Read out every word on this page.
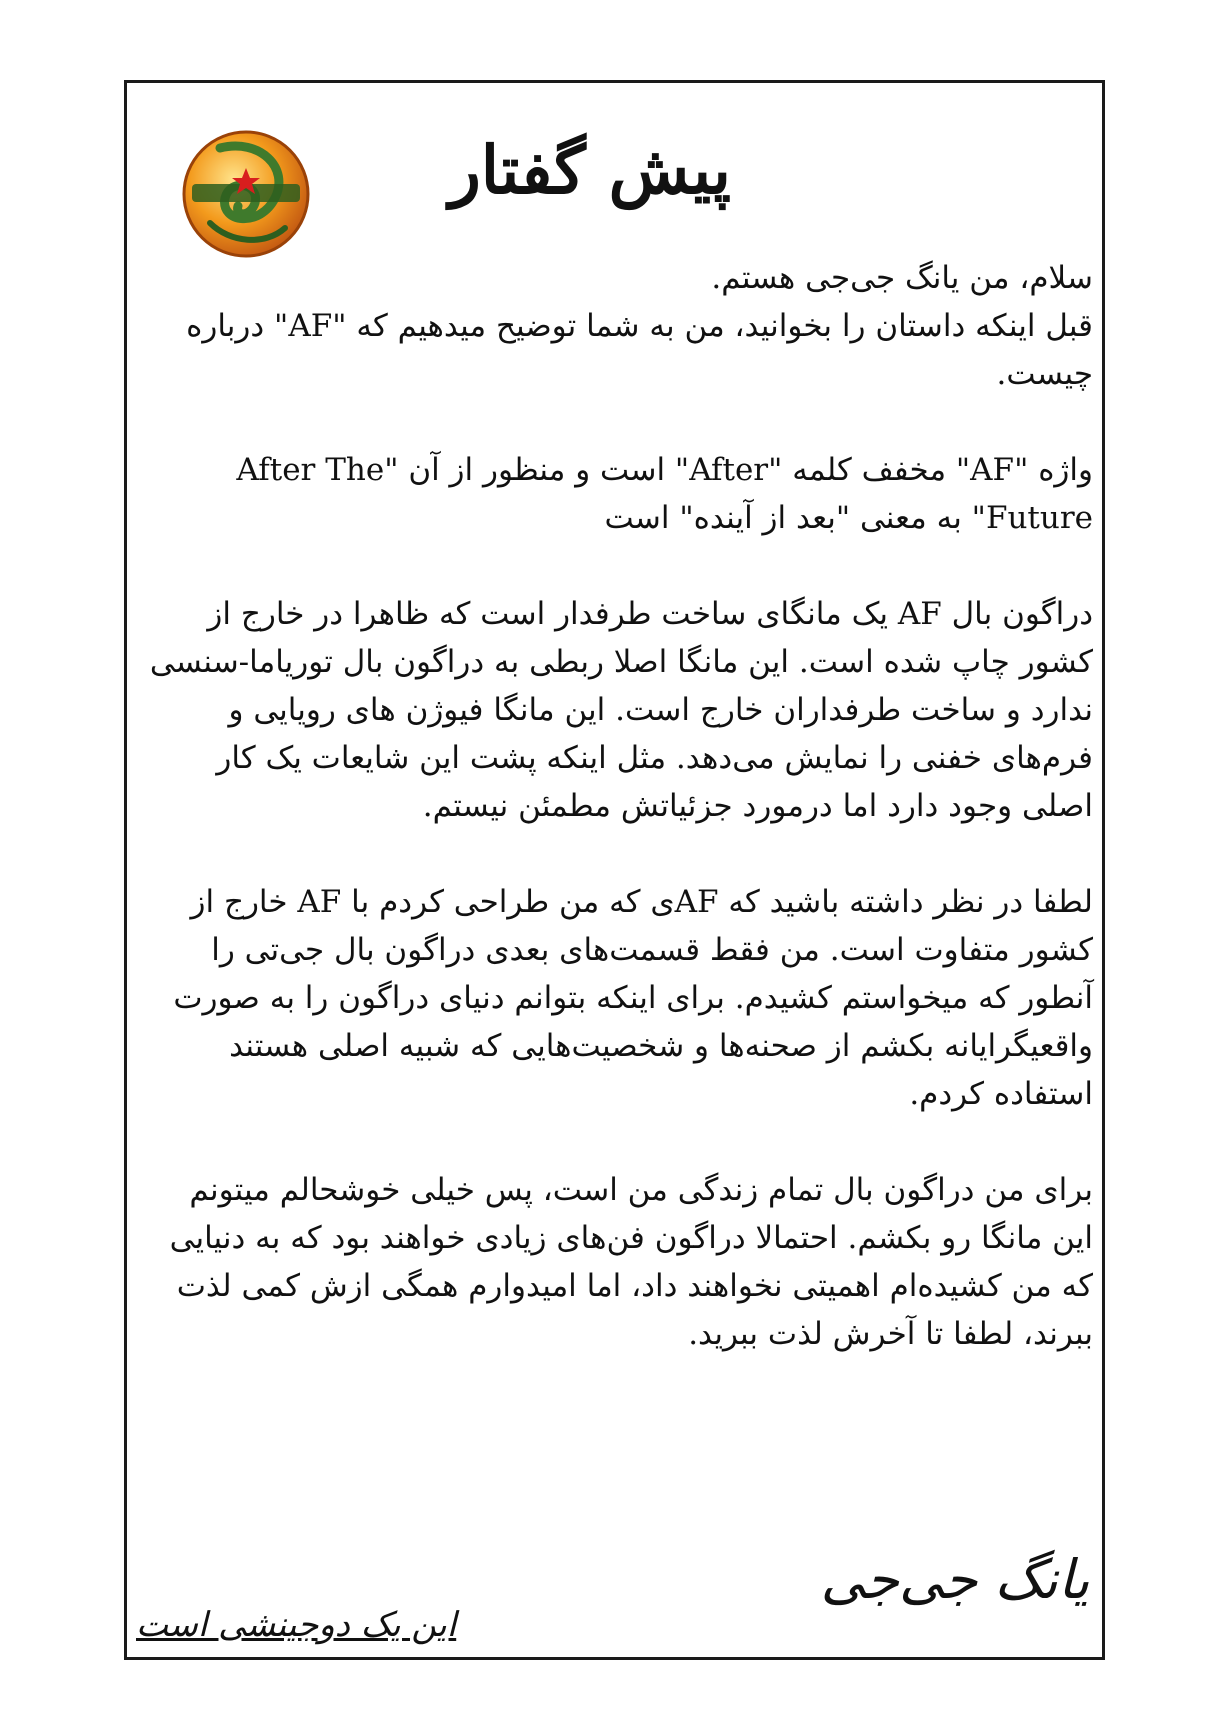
پیش گفتار

سلام، من یانگ جی‌جی هستم.

قبل اینکه داستان را بخوانید، من به شما توضیح میدهیم که "AF" درباره چیست.

واژه "AF" مخفف کلمه "After" است و منظور از آن "After The Future" به معنی "بعد از آینده" است

دراگون بال AF یک مانگای ساخت طرفدار است که ظاهرا در خارج از کشور چاپ شده است. این مانگا اصلا ربطی به دراگون بال توریاما-سنسی ندارد و ساخت طرفداران خارج است. این مانگا فیوژن های رویایی و فرم‌های خفنی را نمایش می‌دهد. مثل اینکه پشت این شایعات یک کار اصلی وجود دارد اما درمورد جزئیاتش مطمئن نیستم.

لطفا در نظر داشته باشید که AFی که من طراحی کردم با AF خارج از کشور متفاوت است. من فقط قسمت‌های بعدی دراگون بال جی‌تی را آنطور که میخواستم کشیدم. برای اینکه بتوانم دنیای دراگون را به صورت واقعیگرایانه بکشم از صحنه‌ها و شخصیت‌هایی که شبیه اصلی هستند استفاده کردم.

برای من دراگون بال تمام زندگی من است، پس خیلی خوشحالم میتونم این مانگا رو بکشم. احتمالا دراگون فن‌های زیادی خواهند بود که به دنیایی که من کشیده‌ام اهمیتی نخواهند داد، اما امیدوارم همگی ازش کمی لذت ببرند، لطفا تا آخرش لذت ببرید.

یانگ جی‌جی
این یک دوجینشی است
